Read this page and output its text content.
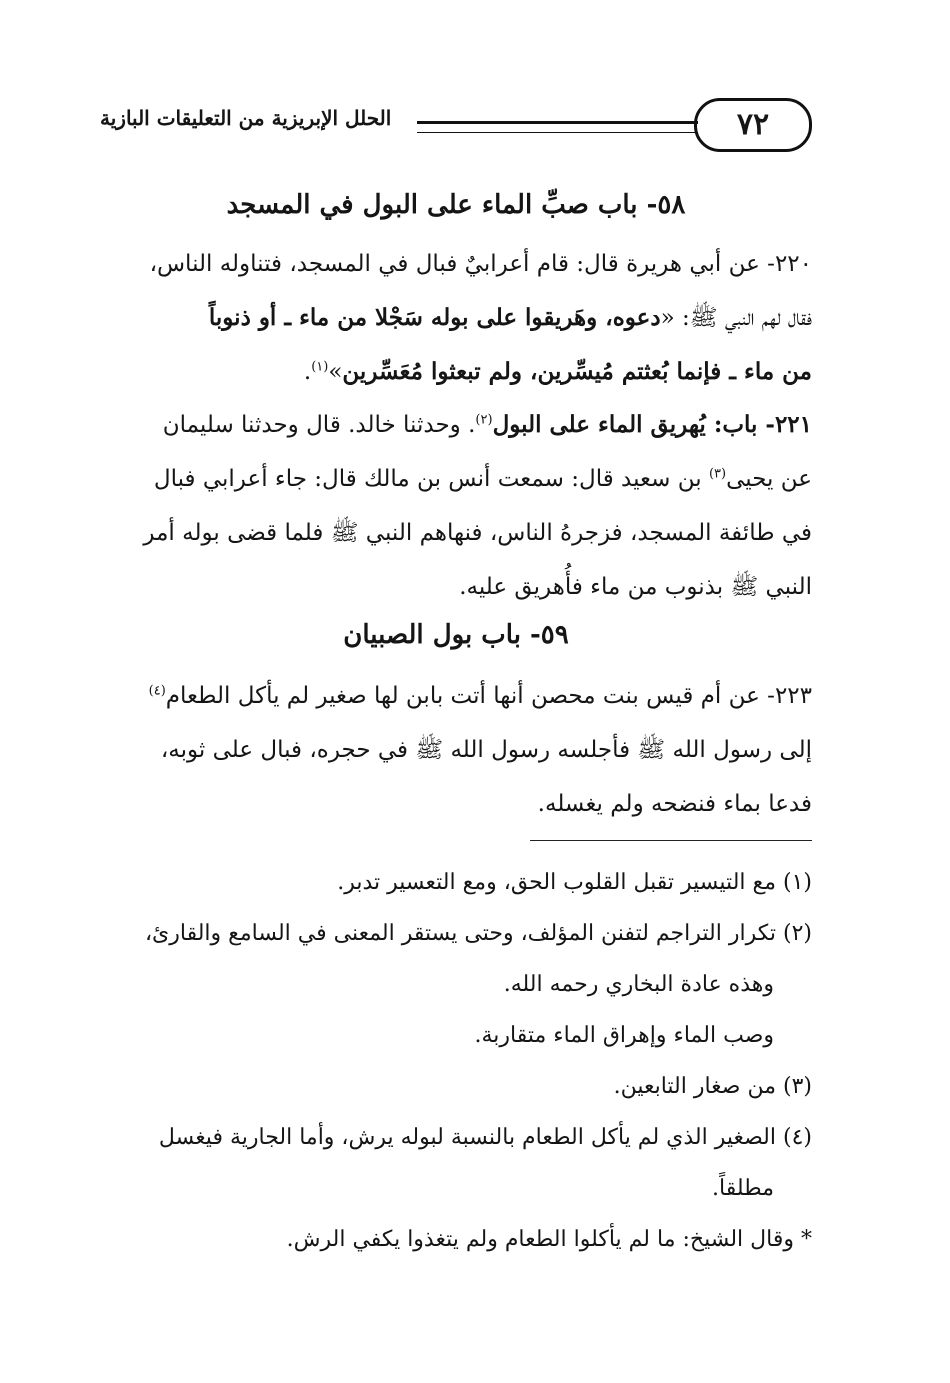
٧٢
الحلل الإبريزية من التعليقات البازية
٥٨- باب صبِّ الماء على البول في المسجد
٢٢٠- عن أبي هريرة قال: قام أعرابيٌ فبال في المسجد، فتناوله الناس،
فقال لهم النبي ﷺ: «دعوه، وهَريقوا على بوله سَجْلا من ماء ـ أو ذنوباً
من ماء ـ فإنما بُعثتم مُيسِّرين، ولم تبعثوا مُعَسِّرين»$^{(١)}$.
٢٢١- باب: يُهريق الماء على البول$^{(٢)}$. وحدثنا خالد. قال وحدثنا سليمان
عن يحيى$^{(٣)}$ بن سعيد قال: سمعت أنس بن مالك قال: جاء أعرابي فبال
في طائفة المسجد، فزجرهُ الناس، فنهاهم النبي ﷺ فلما قضى بوله أمر
النبي ﷺ بذنوب من ماء فأُهريق عليه.
٥٩- باب بول الصبيان
٢٢٣- عن أم قيس بنت محصن أنها أتت بابن لها صغير لم يأكل الطعام$^{(٤)}$
إلى رسول الله ﷺ فأجلسه رسول الله ﷺ في حجره، فبال على ثوبه،
فدعا بماء فنضحه ولم يغسله.
(١) مع التيسير تقبل القلوب الحق، ومع التعسير تدبر.
(٢) تكرار التراجم لتفنن المؤلف، وحتى يستقر المعنى في السامع والقارئ،
وهذه عادة البخاري رحمه الله.
وصب الماء وإهراق الماء متقاربة.
(٣) من صغار التابعين.
(٤) الصغير الذي لم يأكل الطعام بالنسبة لبوله يرش، وأما الجارية فيغسل
مطلقاً.
* وقال الشيخ: ما لم يأكلوا الطعام ولم يتغذوا يكفي الرش.
